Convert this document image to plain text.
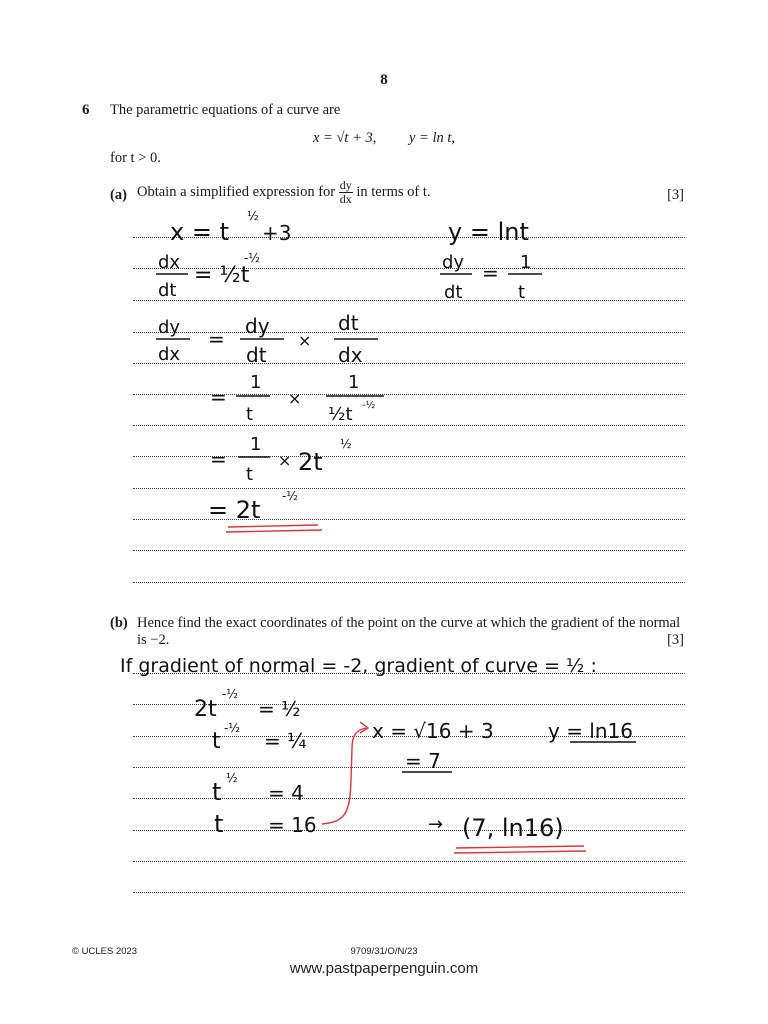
8
6 The parametric equations of a curve are
x = √t + 3, y = ln t,
for t > 0.
(a) Obtain a simplified expression for $\frac{dy}{dx}$ in terms of t.	[3]
(b) Hence find the exact coordinates of the point on the curve at which the gradient of the normal
is −2.	[3]
x = t
½
+3	y = lnt
dx
dt
= ½t
-½	dy
dt
= 1
t
dy
dx
=
dy
dt
×
dt
dx
=
1
t
×
1
½t -½
=
1
t
× 2t
½
= 2t -½
If gradient of normal = -2, gradient of curve = ½ :
2t
-½
= ½
t
-½
= ¼
t ½
= 4
t = 16
x = √16 + 3
= 7
y = ln16
→ (7, ln16)
© UCLES 2023	9709/31/O/N/23
www.pastpaperpenguin.com
